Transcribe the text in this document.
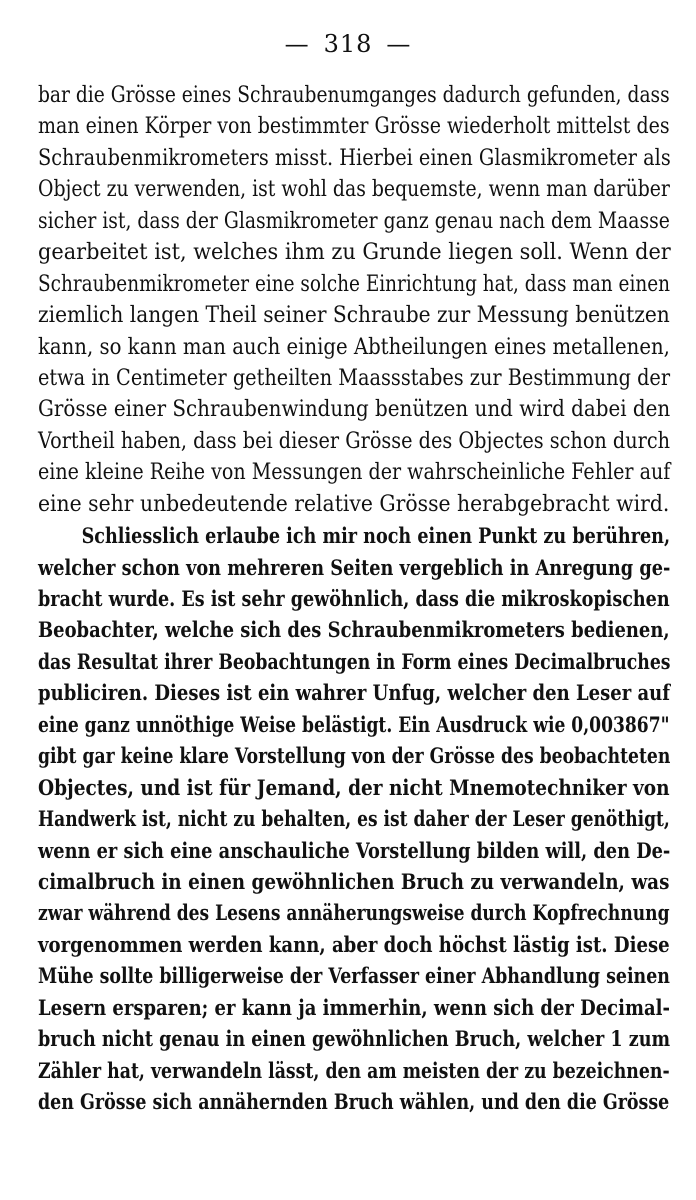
— 318 —
bar die Grösse eines Schraubenumganges dadurch gefunden, dass
man einen Körper von bestimmter Grösse wiederholt mittelst des
Schraubenmikrometers misst. Hierbei einen Glasmikrometer als
Object zu verwenden, ist wohl das bequemste, wenn man darüber
sicher ist, dass der Glasmikrometer ganz genau nach dem Maasse
gearbeitet ist, welches ihm zu Grunde liegen soll. Wenn der
Schraubenmikrometer eine solche Einrichtung hat, dass man einen
ziemlich langen Theil seiner Schraube zur Messung benützen
kann, so kann man auch einige Abtheilungen eines metallenen,
etwa in Centimeter getheilten Maassstabes zur Bestimmung der
Grösse einer Schraubenwindung benützen und wird dabei den
Vortheil haben, dass bei dieser Grösse des Objectes schon durch
eine kleine Reihe von Messungen der wahrscheinliche Fehler auf
eine sehr unbedeutende relative Grösse herabgebracht wird.
Schliesslich erlaube ich mir noch einen Punkt zu berühren,
welcher schon von mehreren Seiten vergeblich in Anregung ge-
bracht wurde. Es ist sehr gewöhnlich, dass die mikroskopischen
Beobachter, welche sich des Schraubenmikrometers bedienen,
das Resultat ihrer Beobachtungen in Form eines Decimalbruches
publiciren. Dieses ist ein wahrer Unfug, welcher den Leser auf
eine ganz unnöthige Weise belästigt. Ein Ausdruck wie 0,003867"
gibt gar keine klare Vorstellung von der Grösse des beobachteten
Objectes, und ist für Jemand, der nicht Mnemotechniker von
Handwerk ist, nicht zu behalten, es ist daher der Leser genöthigt,
wenn er sich eine anschauliche Vorstellung bilden will, den De-
cimalbruch in einen gewöhnlichen Bruch zu verwandeln, was
zwar während des Lesens annäherungsweise durch Kopfrechnung
vorgenommen werden kann, aber doch höchst lästig ist. Diese
Mühe sollte billigerweise der Verfasser einer Abhandlung seinen
Lesern ersparen; er kann ja immerhin, wenn sich der Decimal-
bruch nicht genau in einen gewöhnlichen Bruch, welcher 1 zum
Zähler hat, verwandeln lässt, den am meisten der zu bezeichnen-
den Grösse sich annähernden Bruch wählen, und den die Grösse
